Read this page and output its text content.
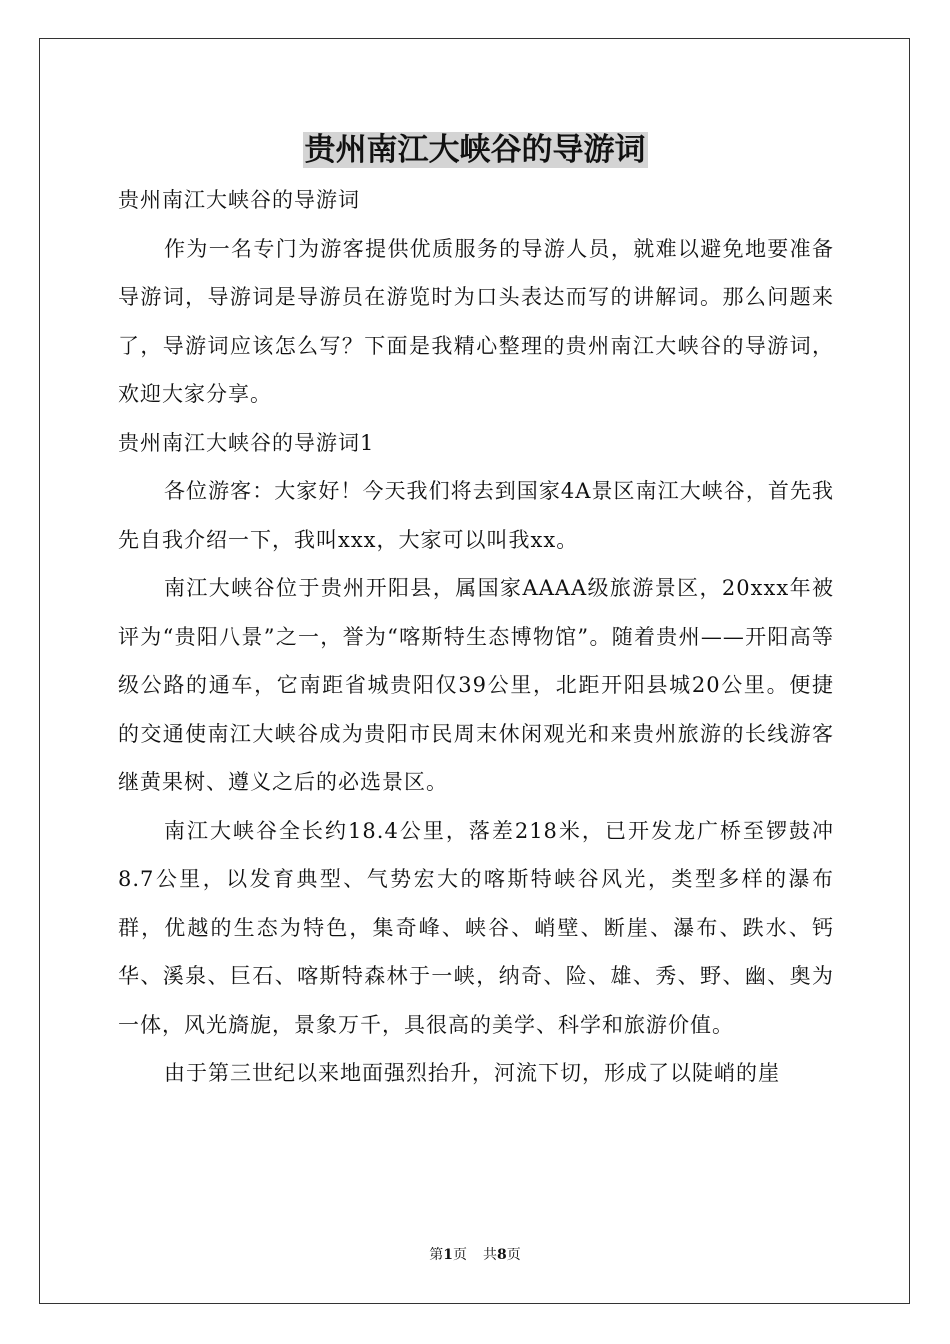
贵州南江大峡谷的导游词

贵州南江大峡谷的导游词

作为一名专门为游客提供优质服务的导游人员，就难以避免地要准备导游词，导游词是导游员在游览时为口头表达而写的讲解词。那么问题来了，导游词应该怎么写？下面是我精心整理的贵州南江大峡谷的导游词，欢迎大家分享。

贵州南江大峡谷的导游词1

各位游客：大家好！今天我们将去到国家4A景区南江大峡谷，首先我先自我介绍一下，我叫xxx，大家可以叫我xx。

南江大峡谷位于贵州开阳县，属国家AAAA级旅游景区，20xxx年被评为“贵阳八景”之一，誉为“喀斯特生态博物馆”。随着贵州——开阳高等级公路的通车，它南距省城贵阳仅39公里，北距开阳县城20公里。便捷的交通使南江大峡谷成为贵阳市民周末休闲观光和来贵州旅游的长线游客继黄果树、遵义之后的必选景区。

南江大峡谷全长约18.4公里，落差218米，已开发龙广桥至锣鼓冲8.7公里，以发育典型、气势宏大的喀斯特峡谷风光，类型多样的瀑布群，优越的生态为特色，集奇峰、峡谷、峭壁、断崖、瀑布、跌水、钙华、溪泉、巨石、喀斯特森林于一峡，纳奇、险、雄、秀、野、幽、奥为一体，风光旖旎，景象万千，具很高的美学、科学和旅游价值。

由于第三世纪以来地面强烈抬升，河流下切，形成了以陡峭的崖

第1页 共8页
